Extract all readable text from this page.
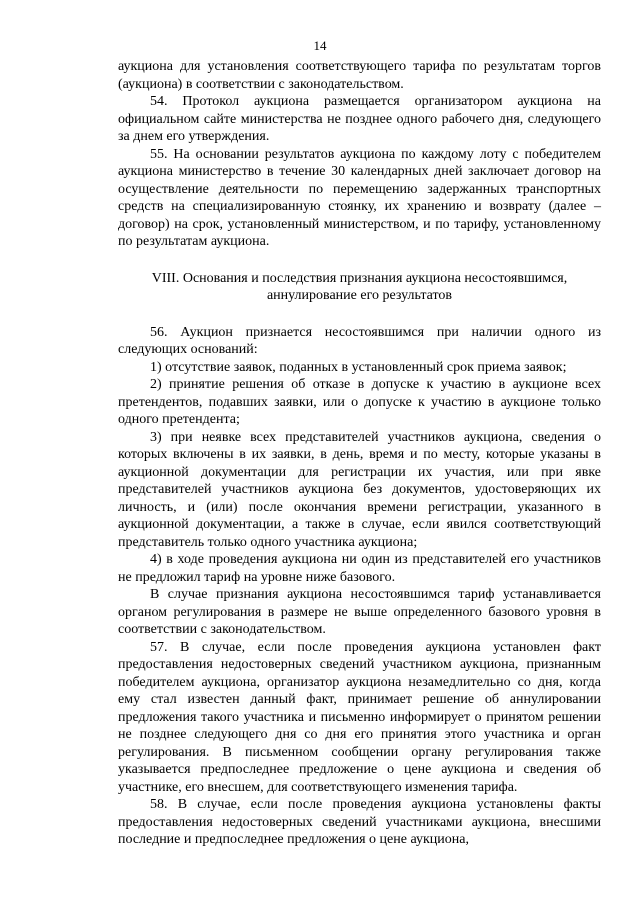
14

аукциона для установления соответствующего тарифа по результатам торгов (аукциона) в соответствии с законодательством.

54. Протокол аукциона размещается организатором аукциона на официальном сайте министерства не позднее одного рабочего дня, следующего за днем его утверждения.

55. На основании результатов аукциона по каждому лоту с победителем аукциона министерство в течение 30 календарных дней заключает договор на осуществление деятельности по перемещению задержанных транспортных средств на специализированную стоянку, их хранению и возврату (далее – договор) на срок, установленный министерством, и по тарифу, установленному по результатам аукциона.

VIII. Основания и последствия признания аукциона несостоявшимся,
аннулирование его результатов

56. Аукцион признается несостоявшимся при наличии одного из следующих оснований:

1) отсутствие заявок, поданных в установленный срок приема заявок;

2) принятие решения об отказе в допуске к участию в аукционе всех претендентов, подавших заявки, или о допуске к участию в аукционе только одного претендента;

3) при неявке всех представителей участников аукциона, сведения о которых включены в их заявки, в день, время и по месту, которые указаны в аукционной документации для регистрации их участия, или при явке представителей участников аукциона без документов, удостоверяющих их личность, и (или) после окончания времени регистрации, указанного в аукционной документации, а также в случае, если явился соответствующий представитель только одного участника аукциона;

4) в ходе проведения аукциона ни один из представителей его участников не предложил тариф на уровне ниже базового.

В случае признания аукциона несостоявшимся тариф устанавливается органом регулирования в размере не выше определенного базового уровня в соответствии с законодательством.

57. В случае, если после проведения аукциона установлен факт предоставления недостоверных сведений участником аукциона, признанным победителем аукциона, организатор аукциона незамедлительно со дня, когда ему стал известен данный факт, принимает решение об аннулировании предложения такого участника и письменно информирует о принятом решении не позднее следующего дня со дня его принятия этого участника и орган регулирования. В письменном сообщении органу регулирования также указывается предпоследнее предложение о цене аукциона и сведения об участнике, его внесшем, для соответствующего изменения тарифа.

58. В случае, если после проведения аукциона установлены факты предоставления недостоверных сведений участниками аукциона, внесшими последние и предпоследнее предложения о цене аукциона,
